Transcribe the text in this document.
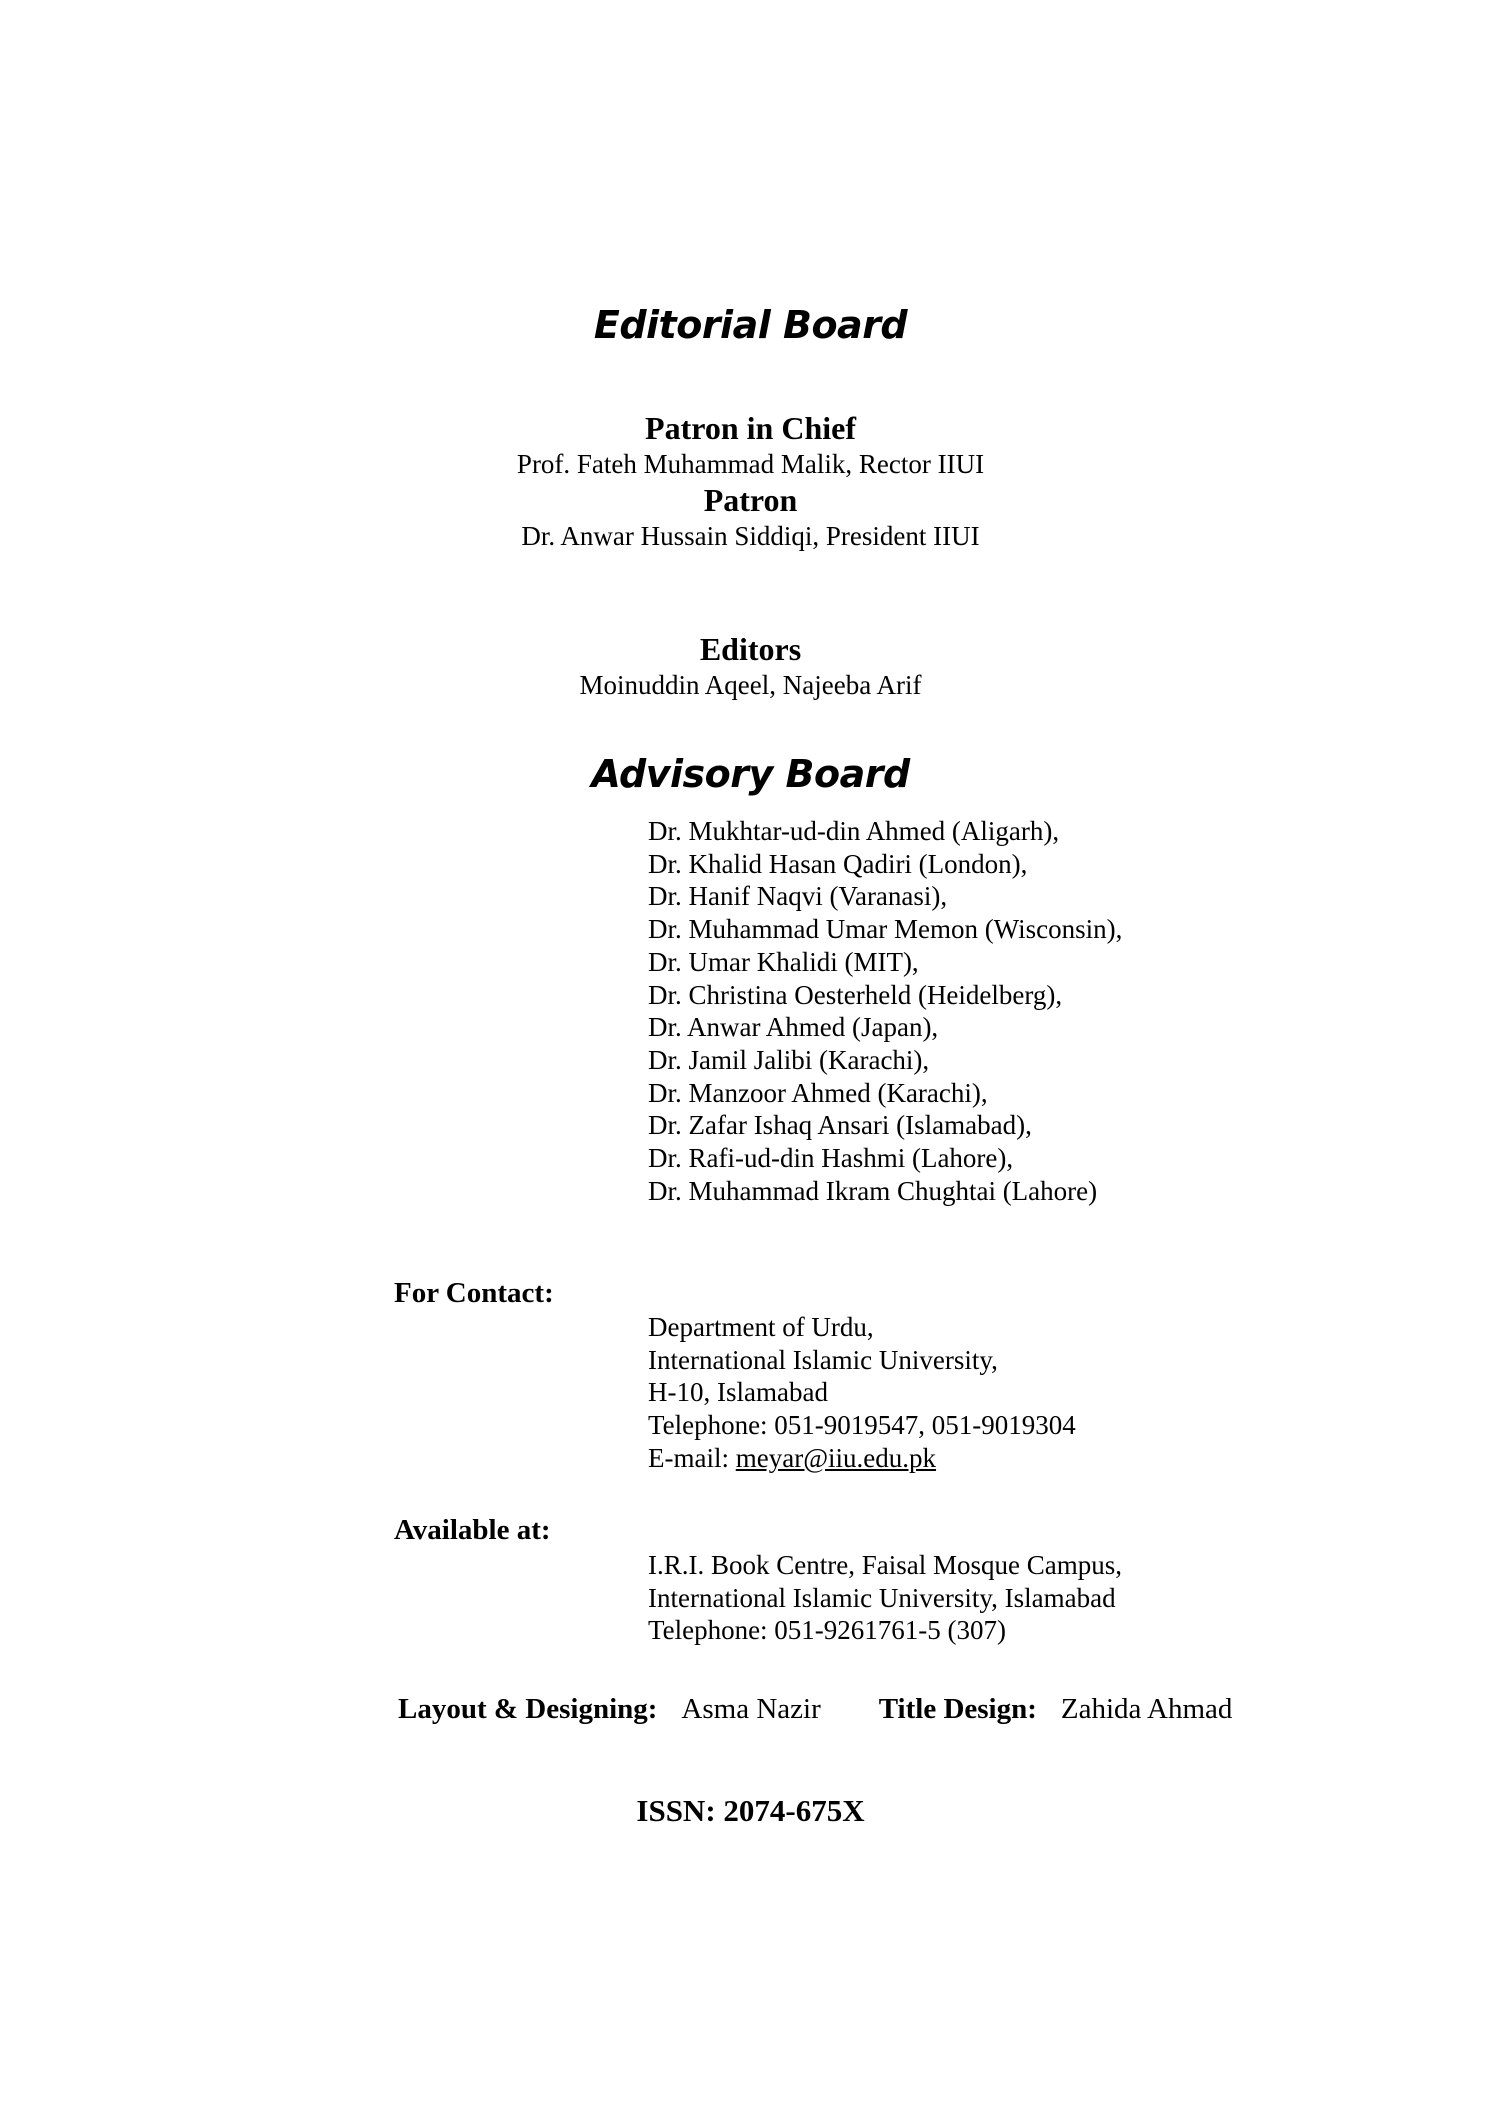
Editorial Board
Patron in Chief
Prof. Fateh Muhammad Malik, Rector IIUI
Patron
Dr. Anwar Hussain Siddiqi, President IIUI
Editors
Moinuddin Aqeel, Najeeba Arif
Advisory Board
Dr. Mukhtar-ud-din Ahmed (Aligarh),
Dr. Khalid Hasan Qadiri (London),
Dr. Hanif Naqvi (Varanasi),
Dr. Muhammad Umar Memon (Wisconsin),
Dr. Umar Khalidi (MIT),
Dr. Christina Oesterheld (Heidelberg),
Dr. Anwar Ahmed (Japan),
Dr. Jamil Jalibi (Karachi),
Dr. Manzoor Ahmed (Karachi),
Dr. Zafar Ishaq Ansari (Islamabad),
Dr. Rafi-ud-din Hashmi (Lahore),
Dr. Muhammad Ikram Chughtai (Lahore)
For Contact:
Department of Urdu,
International Islamic University,
H-10, Islamabad
Telephone: 051-9019547, 051-9019304
E-mail: meyar@iiu.edu.pk
Available at:
I.R.I. Book Centre, Faisal Mosque Campus,
International Islamic University, Islamabad
Telephone: 051-9261761-5 (307)
Layout & Designing: Asma Nazir Title Design: Zahida Ahmad
ISSN: 2074-675X
